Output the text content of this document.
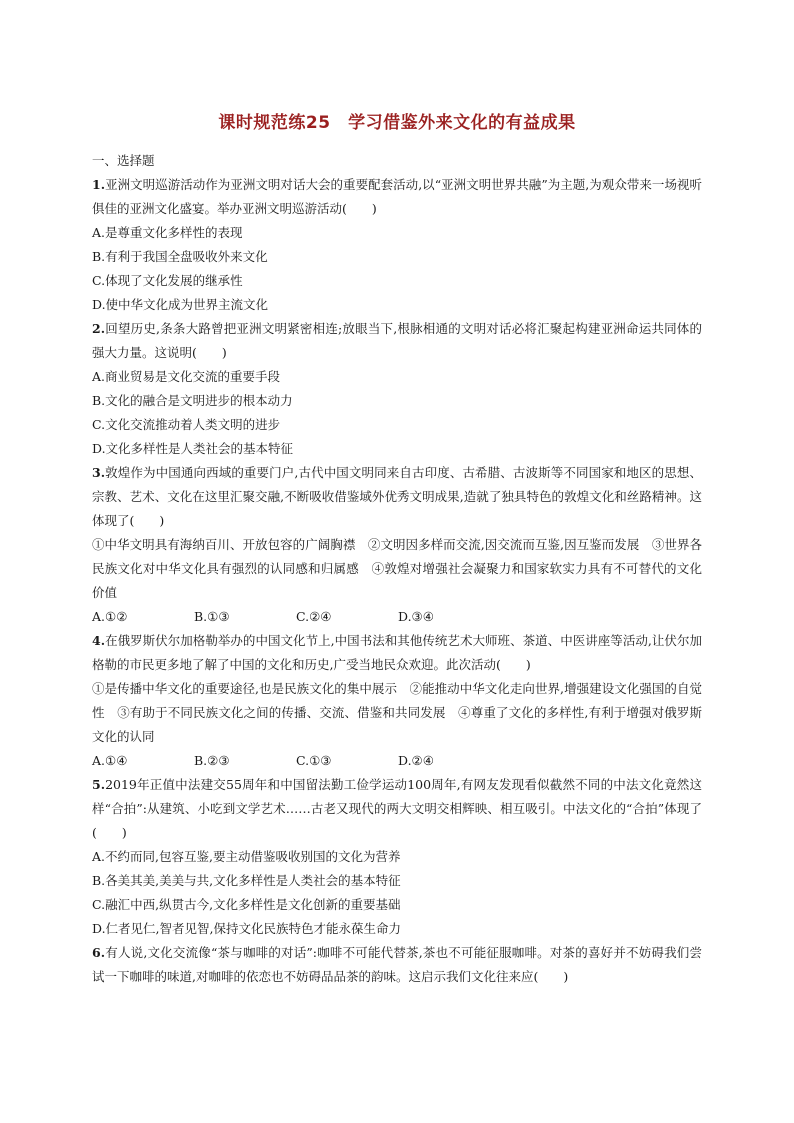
课时规范练25　学习借鉴外来文化的有益成果

一、选择题

1.亚洲文明巡游活动作为亚洲文明对话大会的重要配套活动,以“亚洲文明世界共融”为主题,为观众带来一场视听俱佳的亚洲文化盛宴。举办亚洲文明巡游活动(　　)

A.是尊重文化多样性的表现

B.有利于我国全盘吸收外来文化

C.体现了文化发展的继承性

D.使中华文化成为世界主流文化

2.回望历史,条条大路曾把亚洲文明紧密相连;放眼当下,根脉相通的文明对话必将汇聚起构建亚洲命运共同体的强大力量。这说明(　　)

A.商业贸易是文化交流的重要手段

B.文化的融合是文明进步的根本动力

C.文化交流推动着人类文明的进步

D.文化多样性是人类社会的基本特征

3.敦煌作为中国通向西域的重要门户,古代中国文明同来自古印度、古希腊、古波斯等不同国家和地区的思想、宗教、艺术、文化在这里汇聚交融,不断吸收借鉴域外优秀文明成果,造就了独具特色的敦煌文化和丝路精神。这体现了(　　)

①中华文明具有海纳百川、开放包容的广阔胸襟　②文明因多样而交流,因交流而互鉴,因互鉴而发展　③世界各民族文化对中华文化具有强烈的认同感和归属感　④敦煌对增强社会凝聚力和国家软实力具有不可替代的文化价值

A.①②	B.①③	C.②④	D.③④

4.在俄罗斯伏尔加格勒举办的中国文化节上,中国书法和其他传统艺术大师班、茶道、中医讲座等活动,让伏尔加格勒的市民更多地了解了中国的文化和历史,广受当地民众欢迎。此次活动(　　)

①是传播中华文化的重要途径,也是民族文化的集中展示　②能推动中华文化走向世界,增强建设文化强国的自觉性　③有助于不同民族文化之间的传播、交流、借鉴和共同发展　④尊重了文化的多样性,有利于增强对俄罗斯文化的认同

A.①④	B.②③	C.①③	D.②④

5.2019年正值中法建交55周年和中国留法勤工俭学运动100周年,有网友发现看似截然不同的中法文化竟然这样“合拍”:从建筑、小吃到文学艺术……古老又现代的两大文明交相辉映、相互吸引。中法文化的“合拍”体现了　　(　　)

A.不约而同,包容互鉴,要主动借鉴吸收别国的文化为营养

B.各美其美,美美与共,文化多样性是人类社会的基本特征

C.融汇中西,纵贯古今,文化多样性是文化创新的重要基础

D.仁者见仁,智者见智,保持文化民族特色才能永葆生命力

6.有人说,文化交流像“茶与咖啡的对话”:咖啡不可能代替茶,茶也不可能征服咖啡。对茶的喜好并不妨碍我们尝试一下咖啡的味道,对咖啡的依恋也不妨碍品品茶的韵味。这启示我们文化往来应(　　)
